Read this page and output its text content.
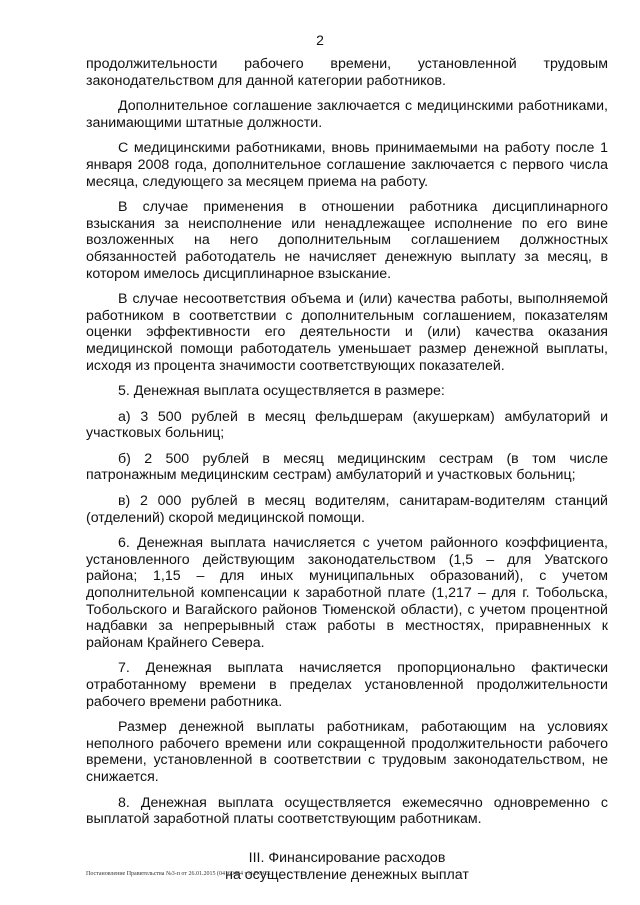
2

продолжительности рабочего времени, установленной трудовым законодательством для данной категории работников.

Дополнительное соглашение заключается с медицинскими работниками, занимающими штатные должности.

С медицинскими работниками, вновь принимаемыми на работу после 1 января 2008 года, дополнительное соглашение заключается с первого числа месяца, следующего за месяцем приема на работу.

В случае применения в отношении работника дисциплинарного взыскания за неисполнение или ненадлежащее исполнение по его вине возложенных на него дополнительным соглашением должностных обязанностей работодатель не начисляет денежную выплату за месяц, в котором имелось дисциплинарное взыскание.

В случае несоответствия объема и (или) качества работы, выполняемой работником в соответствии с дополнительным соглашением, показателям оценки эффективности его деятельности и (или) качества оказания медицинской помощи работодатель уменьшает размер денежной выплаты, исходя из процента значимости соответствующих показателей.

5. Денежная выплата осуществляется в размере:

а) 3 500 рублей в месяц фельдшерам (акушеркам) амбулаторий и участковых больниц;

б) 2 500 рублей в месяц медицинским сестрам (в том числе патронажным медицинским сестрам) амбулаторий и участковых больниц;

в) 2 000 рублей в месяц водителям, санитарам-водителям станций (отделений) скорой медицинской помощи.

6. Денежная выплата начисляется с учетом районного коэффициента, установленного действующим законодательством (1,5 – для Уватского района; 1,15 – для иных муниципальных образований), с учетом дополнительной компенсации к заработной плате (1,217 – для г. Тобольска, Тобольского и Вагайского районов Тюменской области), с учетом процентной надбавки за непрерывный стаж работы в местностях, приравненных к районам Крайнего Севера.

7. Денежная выплата начисляется пропорционально фактически отработанному времени в пределах установленной продолжительности рабочего времени работника.

Размер денежной выплаты работникам, работающим на условиях неполного рабочего времени или сокращенной продолжительности рабочего времени, установленной в соответствии с трудовым законодательством, не снижается.

8. Денежная выплата осуществляется ежемесячно одновременно с выплатой заработной платы соответствующим работникам.

III. Финансирование расходов
на осуществление денежных выплат
Постановление Правительства №3-п от 26.01.2015 (04160464 v1).DOCX
